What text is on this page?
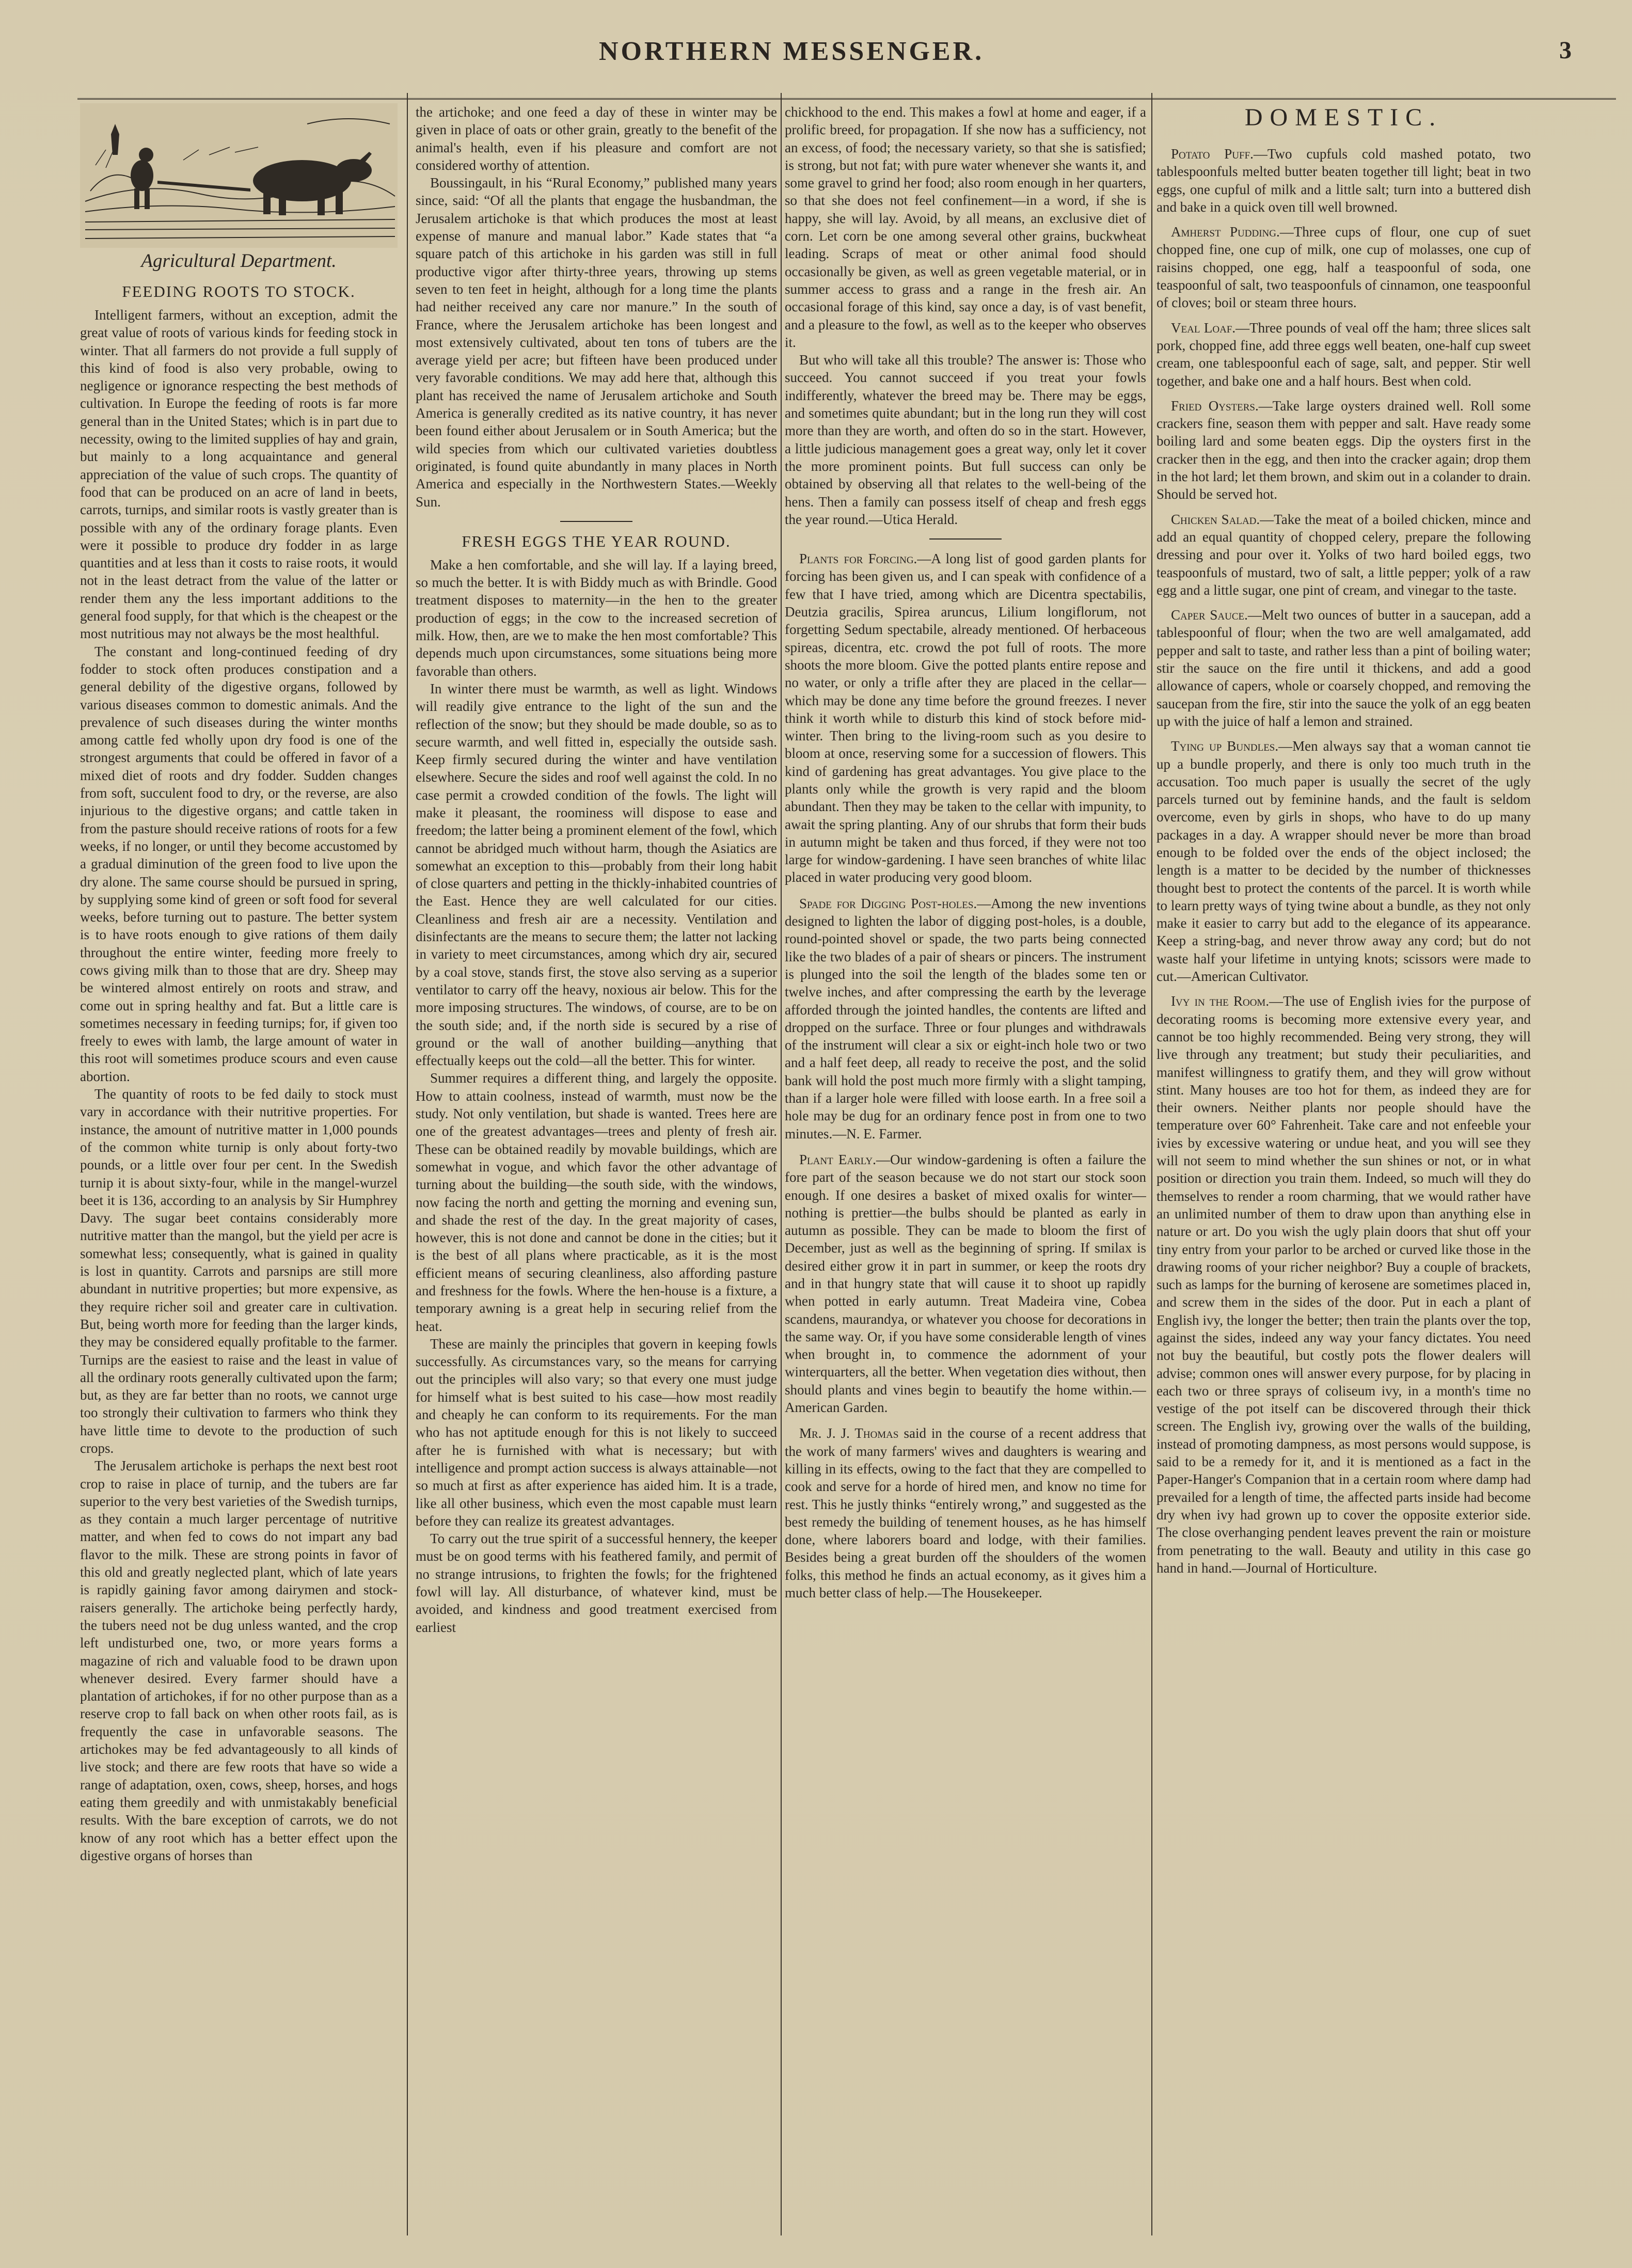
NORTHERN MESSENGER.	3
Agricultural Department.
FEEDING ROOTS TO STOCK.

Intelligent farmers, without an exception, admit the great value of roots of various kinds for feeding stock in winter. That all farmers do not provide a full supply of this kind of food is also very probable, owing to negligence or ignorance respecting the best methods of cultivation. In Europe the feeding of roots is far more general than in the United States; which is in part due to necessity, owing to the limited supplies of hay and grain, but mainly to a long acquaintance and general appreciation of the value of such crops. The quantity of food that can be produced on an acre of land in beets, carrots, turnips, and similar roots is vastly greater than is possible with any of the ordinary forage plants. Even were it possible to produce dry fodder in as large quantities and at less than it costs to raise roots, it would not in the least detract from the value of the latter or render them any the less important additions to the general food supply, for that which is the cheapest or the most nutritious may not always be the most healthful.

The constant and long-continued feeding of dry fodder to stock often produces constipation and a general debility of the digestive organs, followed by various diseases common to domestic animals. And the prevalence of such diseases during the winter months among cattle fed wholly upon dry food is one of the strongest arguments that could be offered in favor of a mixed diet of roots and dry fodder. Sudden changes from soft, succulent food to dry, or the reverse, are also injurious to the digestive organs; and cattle taken in from the pasture should receive rations of roots for a few weeks, if no longer, or until they become accustomed by a gradual diminution of the green food to live upon the dry alone. The same course should be pursued in spring, by supplying some kind of green or soft food for several weeks, before turning out to pasture. The better system is to have roots enough to give rations of them daily throughout the entire winter, feeding more freely to cows giving milk than to those that are dry. Sheep may be wintered almost entirely on roots and straw, and come out in spring healthy and fat. But a little care is sometimes necessary in feeding turnips; for, if given too freely to ewes with lamb, the large amount of water in this root will sometimes produce scours and even cause abortion.

The quantity of roots to be fed daily to stock must vary in accordance with their nutritive properties. For instance, the amount of nutritive matter in 1,000 pounds of the common white turnip is only about forty-two pounds, or a little over four per cent. In the Swedish turnip it is about sixty-four, while in the mangel-wurzel beet it is 136, according to an analysis by Sir Humphrey Davy. The sugar beet contains considerably more nutritive matter than the mangol, but the yield per acre is somewhat less; consequently, what is gained in quality is lost in quantity. Carrots and parsnips are still more abundant in nutritive properties; but more expensive, as they require richer soil and greater care in cultivation. But, being worth more for feeding than the larger kinds, they may be considered equally profitable to the farmer. Turnips are the easiest to raise and the least in value of all the ordinary roots generally cultivated upon the farm; but, as they are far better than no roots, we cannot urge too strongly their cultivation to farmers who think they have little time to devote to the production of such crops.

The Jerusalem artichoke is perhaps the next best root crop to raise in place of turnip, and the tubers are far superior to the very best varieties of the Swedish turnips, as they contain a much larger percentage of nutritive matter, and when fed to cows do not impart any bad flavor to the milk. These are strong points in favor of this old and greatly neglected plant, which of late years is rapidly gaining favor among dairymen and stock-raisers generally. The artichoke being perfectly hardy, the tubers need not be dug unless wanted, and the crop left undisturbed one, two, or more years forms a magazine of rich and valuable food to be drawn upon whenever desired. Every farmer should have a plantation of artichokes, if for no other purpose than as a reserve crop to fall back on when other roots fail, as is frequently the case in unfavorable seasons. The artichokes may be fed advantageously to all kinds of live stock; and there are few roots that have so wide a range of adaptation, oxen, cows, sheep, horses, and hogs eating them greedily and with unmistakably beneficial results. With the bare exception of carrots, we do not know of any root which has a better effect upon the digestive organs of horses than

the artichoke; and one feed a day of these in winter may be given in place of oats or other grain, greatly to the benefit of the animal's health, even if his pleasure and comfort are not considered worthy of attention.

Boussingault, in his “Rural Economy,” published many years since, said: “Of all the plants that engage the husbandman, the Jerusalem artichoke is that which produces the most at least expense of manure and manual labor.” Kade states that “a square patch of this artichoke in his garden was still in full productive vigor after thirty-three years, throwing up stems seven to ten feet in height, although for a long time the plants had neither received any care nor manure.” In the south of France, where the Jerusalem artichoke has been longest and most extensively cultivated, about ten tons of tubers are the average yield per acre; but fifteen have been produced under very favorable conditions. We may add here that, although this plant has received the name of Jerusalem artichoke and South America is generally credited as its native country, it has never been found either about Jerusalem or in South America; but the wild species from which our cultivated varieties doubtless originated, is found quite abundantly in many places in North America and especially in the Northwestern States.—Weekly Sun.

FRESH EGGS THE YEAR ROUND.

Make a hen comfortable, and she will lay. If a laying breed, so much the better. It is with Biddy much as with Brindle. Good treatment disposes to maternity—in the hen to the greater production of eggs; in the cow to the increased secretion of milk. How, then, are we to make the hen most comfortable? This depends much upon circumstances, some situations being more favorable than others.

In winter there must be warmth, as well as light. Windows will readily give entrance to the light of the sun and the reflection of the snow; but they should be made double, so as to secure warmth, and well fitted in, especially the outside sash. Keep firmly secured during the winter and have ventilation elsewhere. Secure the sides and roof well against the cold. In no case permit a crowded condition of the fowls. The light will make it pleasant, the roominess will dispose to ease and freedom; the latter being a prominent element of the fowl, which cannot be abridged much without harm, though the Asiatics are somewhat an exception to this—probably from their long habit of close quarters and petting in the thickly-inhabited countries of the East. Hence they are well calculated for our cities. Cleanliness and fresh air are a necessity. Ventilation and disinfectants are the means to secure them; the latter not lacking in variety to meet circumstances, among which dry air, secured by a coal stove, stands first, the stove also serving as a superior ventilator to carry off the heavy, noxious air below. This for the more imposing structures. The windows, of course, are to be on the south side; and, if the north side is secured by a rise of ground or the wall of another building—anything that effectually keeps out the cold—all the better. This for winter.

Summer requires a different thing, and largely the opposite. How to attain coolness, instead of warmth, must now be the study. Not only ventilation, but shade is wanted. Trees here are one of the greatest advantages—trees and plenty of fresh air. These can be obtained readily by movable buildings, which are somewhat in vogue, and which favor the other advantage of turning about the building—the south side, with the windows, now facing the north and getting the morning and evening sun, and shade the rest of the day. In the great majority of cases, however, this is not done and cannot be done in the cities; but it is the best of all plans where practicable, as it is the most efficient means of securing cleanliness, also affording pasture and freshness for the fowls. Where the hen-house is a fixture, a temporary awning is a great help in securing relief from the heat.

These are mainly the principles that govern in keeping fowls successfully. As circumstances vary, so the means for carrying out the principles will also vary; so that every one must judge for himself what is best suited to his case—how most readily and cheaply he can conform to its requirements. For the man who has not aptitude enough for this is not likely to succeed after he is furnished with what is necessary; but with intelligence and prompt action success is always attainable—not so much at first as after experience has aided him. It is a trade, like all other business, which even the most capable must learn before they can realize its greatest advantages.

To carry out the true spirit of a successful hennery, the keeper must be on good terms with his feathered family, and permit of no strange intrusions, to frighten the fowls; for the frightened fowl will lay. All disturbance, of whatever kind, must be avoided, and kindness and good treatment exercised from earliest

chickhood to the end. This makes a fowl at home and eager, if a prolific breed, for propagation. If she now has a sufficiency, not an excess, of food; the necessary variety, so that she is satisfied; is strong, but not fat; with pure water whenever she wants it, and some gravel to grind her food; also room enough in her quarters, so that she does not feel confinement—in a word, if she is happy, she will lay. Avoid, by all means, an exclusive diet of corn. Let corn be one among several other grains, buckwheat leading. Scraps of meat or other animal food should occasionally be given, as well as green vegetable material, or in summer access to grass and a range in the fresh air. An occasional forage of this kind, say once a day, is of vast benefit, and a pleasure to the fowl, as well as to the keeper who observes it.

But who will take all this trouble? The answer is: Those who succeed. You cannot succeed if you treat your fowls indifferently, whatever the breed may be. There may be eggs, and sometimes quite abundant; but in the long run they will cost more than they are worth, and often do so in the start. However, a little judicious management goes a great way, only let it cover the more prominent points. But full success can only be obtained by observing all that relates to the well-being of the hens. Then a family can possess itself of cheap and fresh eggs the year round.—Utica Herald.

Plants for Forcing.—A long list of good garden plants for forcing has been given us, and I can speak with confidence of a few that I have tried, among which are Dicentra spectabilis, Deutzia gracilis, Spirea aruncus, Lilium longiflorum, not forgetting Sedum spectabile, already mentioned. Of herbaceous spireas, dicentra, etc. crowd the pot full of roots. The more shoots the more bloom. Give the potted plants entire repose and no water, or only a trifle after they are placed in the cellar—which may be done any time before the ground freezes. I never think it worth while to disturb this kind of stock before mid-winter. Then bring to the living-room such as you desire to bloom at once, reserving some for a succession of flowers. This kind of gardening has great advantages. You give place to the plants only while the growth is very rapid and the bloom abundant. Then they may be taken to the cellar with impunity, to await the spring planting. Any of our shrubs that form their buds in autumn might be taken and thus forced, if they were not too large for window-gardening. I have seen branches of white lilac placed in water producing very good bloom.

Spade for Digging Post-holes.—Among the new inventions designed to lighten the labor of digging post-holes, is a double, round-pointed shovel or spade, the two parts being connected like the two blades of a pair of shears or pincers. The instrument is plunged into the soil the length of the blades some ten or twelve inches, and after compressing the earth by the leverage afforded through the jointed handles, the contents are lifted and dropped on the surface. Three or four plunges and withdrawals of the instrument will clear a six or eight-inch hole two or two and a half feet deep, all ready to receive the post, and the solid bank will hold the post much more firmly with a slight tamping, than if a larger hole were filled with loose earth. In a free soil a hole may be dug for an ordinary fence post in from one to two minutes.—N. E. Farmer.

Plant Early.—Our window-gardening is often a failure the fore part of the season because we do not start our stock soon enough. If one desires a basket of mixed oxalis for winter—nothing is prettier—the bulbs should be planted as early in autumn as possible. They can be made to bloom the first of December, just as well as the beginning of spring. If smilax is desired either grow it in part in summer, or keep the roots dry and in that hungry state that will cause it to shoot up rapidly when potted in early autumn. Treat Madeira vine, Cobea scandens, maurandya, or whatever you choose for decorations in the same way. Or, if you have some considerable length of vines when brought in, to commence the adornment of your winterquarters, all the better. When vegetation dies without, then should plants and vines begin to beautify the home within.—American Garden.

Mr. J. J. Thomas said in the course of a recent address that the work of many farmers' wives and daughters is wearing and killing in its effects, owing to the fact that they are compelled to cook and serve for a horde of hired men, and know no time for rest. This he justly thinks “entirely wrong,” and suggested as the best remedy the building of tenement houses, as he has himself done, where laborers board and lodge, with their families. Besides being a great burden off the shoulders of the women folks, this method he finds an actual economy, as it gives him a much better class of help.—The Housekeeper.

DOMESTIC.

Potato Puff.—Two cupfuls cold mashed potato, two tablespoonfuls melted butter beaten together till light; beat in two eggs, one cupful of milk and a little salt; turn into a buttered dish and bake in a quick oven till well browned.

Amherst Pudding.—Three cups of flour, one cup of suet chopped fine, one cup of milk, one cup of molasses, one cup of raisins chopped, one egg, half a teaspoonful of soda, one teaspoonful of salt, two teaspoonfuls of cinnamon, one teaspoonful of cloves; boil or steam three hours.

Veal Loaf.—Three pounds of veal off the ham; three slices salt pork, chopped fine, add three eggs well beaten, one-half cup sweet cream, one tablespoonful each of sage, salt, and pepper. Stir well together, and bake one and a half hours. Best when cold.

Fried Oysters.—Take large oysters drained well. Roll some crackers fine, season them with pepper and salt. Have ready some boiling lard and some beaten eggs. Dip the oysters first in the cracker then in the egg, and then into the cracker again; drop them in the hot lard; let them brown, and skim out in a colander to drain. Should be served hot.

Chicken Salad.—Take the meat of a boiled chicken, mince and add an equal quantity of chopped celery, prepare the following dressing and pour over it. Yolks of two hard boiled eggs, two teaspoonfuls of mustard, two of salt, a little pepper; yolk of a raw egg and a little sugar, one pint of cream, and vinegar to the taste.

Caper Sauce.—Melt two ounces of butter in a saucepan, add a tablespoonful of flour; when the two are well amalgamated, add pepper and salt to taste, and rather less than a pint of boiling water; stir the sauce on the fire until it thickens, and add a good allowance of capers, whole or coarsely chopped, and removing the saucepan from the fire, stir into the sauce the yolk of an egg beaten up with the juice of half a lemon and strained.

Tying up Bundles.—Men always say that a woman cannot tie up a bundle properly, and there is only too much truth in the accusation. Too much paper is usually the secret of the ugly parcels turned out by feminine hands, and the fault is seldom overcome, even by girls in shops, who have to do up many packages in a day. A wrapper should never be more than broad enough to be folded over the ends of the object inclosed; the length is a matter to be decided by the number of thicknesses thought best to protect the contents of the parcel. It is worth while to learn pretty ways of tying twine about a bundle, as they not only make it easier to carry but add to the elegance of its appearance. Keep a string-bag, and never throw away any cord; but do not waste half your lifetime in untying knots; scissors were made to cut.—American Cultivator.

Ivy in the Room.—The use of English ivies for the purpose of decorating rooms is becoming more extensive every year, and cannot be too highly recommended. Being very strong, they will live through any treatment; but study their peculiarities, and manifest willingness to gratify them, and they will grow without stint. Many houses are too hot for them, as indeed they are for their owners. Neither plants nor people should have the temperature over 60° Fahrenheit. Take care and not enfeeble your ivies by excessive watering or undue heat, and you will see they will not seem to mind whether the sun shines or not, or in what position or direction you train them. Indeed, so much will they do themselves to render a room charming, that we would rather have an unlimited number of them to draw upon than anything else in nature or art. Do you wish the ugly plain doors that shut off your tiny entry from your parlor to be arched or curved like those in the drawing rooms of your richer neighbor? Buy a couple of brackets, such as lamps for the burning of kerosene are sometimes placed in, and screw them in the sides of the door. Put in each a plant of English ivy, the longer the better; then train the plants over the top, against the sides, indeed any way your fancy dictates. You need not buy the beautiful, but costly pots the flower dealers will advise; common ones will answer every purpose, for by placing in each two or three sprays of coliseum ivy, in a month's time no vestige of the pot itself can be discovered through their thick screen. The English ivy, growing over the walls of the building, instead of promoting dampness, as most persons would suppose, is said to be a remedy for it, and it is mentioned as a fact in the Paper-Hanger's Companion that in a certain room where damp had prevailed for a length of time, the affected parts inside had become dry when ivy had grown up to cover the opposite exterior side. The close overhanging pendent leaves prevent the rain or moisture from penetrating to the wall. Beauty and utility in this case go hand in hand.—Journal of Horticulture.
